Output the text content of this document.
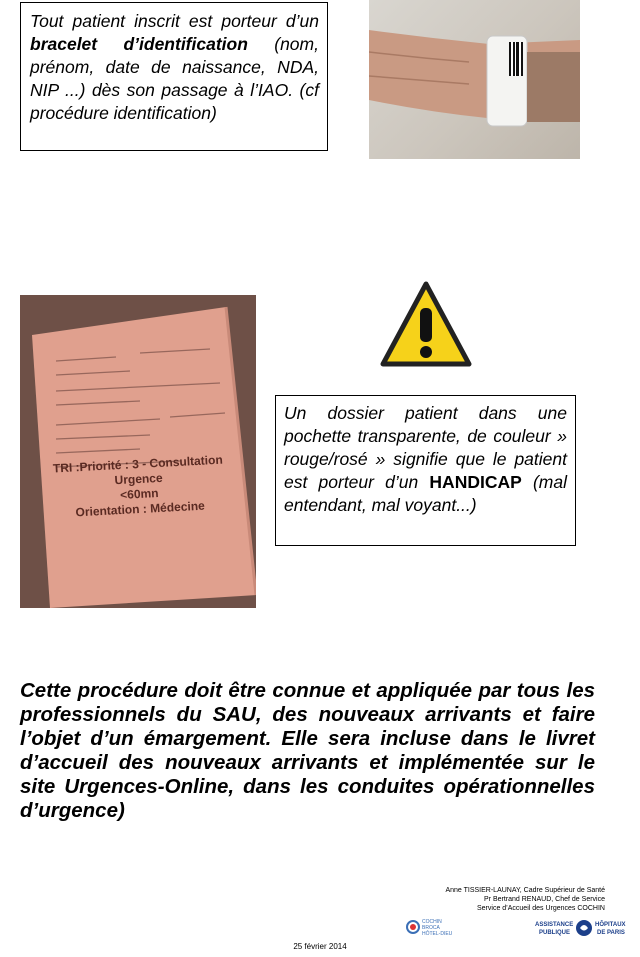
Tout patient inscrit est porteur d’un bracelet d’identification (nom, prénom, date de naissance, NDA, NIP ...) dès son passage à l’IAO. (cf procédure identification)
TRI :Priorité : 3 - Consultation Urgence
<60mn
Orientation : Médecine
Un dossier patient dans une pochette transparente, de couleur » rouge/rosé » signifie que le patient est porteur d’un HANDICAP (mal entendant, mal voyant...)
Cette procédure doit être connue et appliquée par tous les professionnels du SAU, des nouveaux arrivants et faire l’objet d’un émargement. Elle sera incluse dans le livret d’accueil des nouveaux arrivants et implémentée sur le site Urgences-Online, dans les conduites opérationnelles d’urgence)
Anne TISSIER-LAUNAY, Cadre Supérieur de Santé
Pr Bertrand RENAUD, Chef de Service
Service d’Accueil des Urgences COCHIN
COCHIN
BROCA
HÔTEL-DIEU
ASSISTANCE
PUBLIQUE
HÔPITAUX
DE PARIS
25 février 2014
